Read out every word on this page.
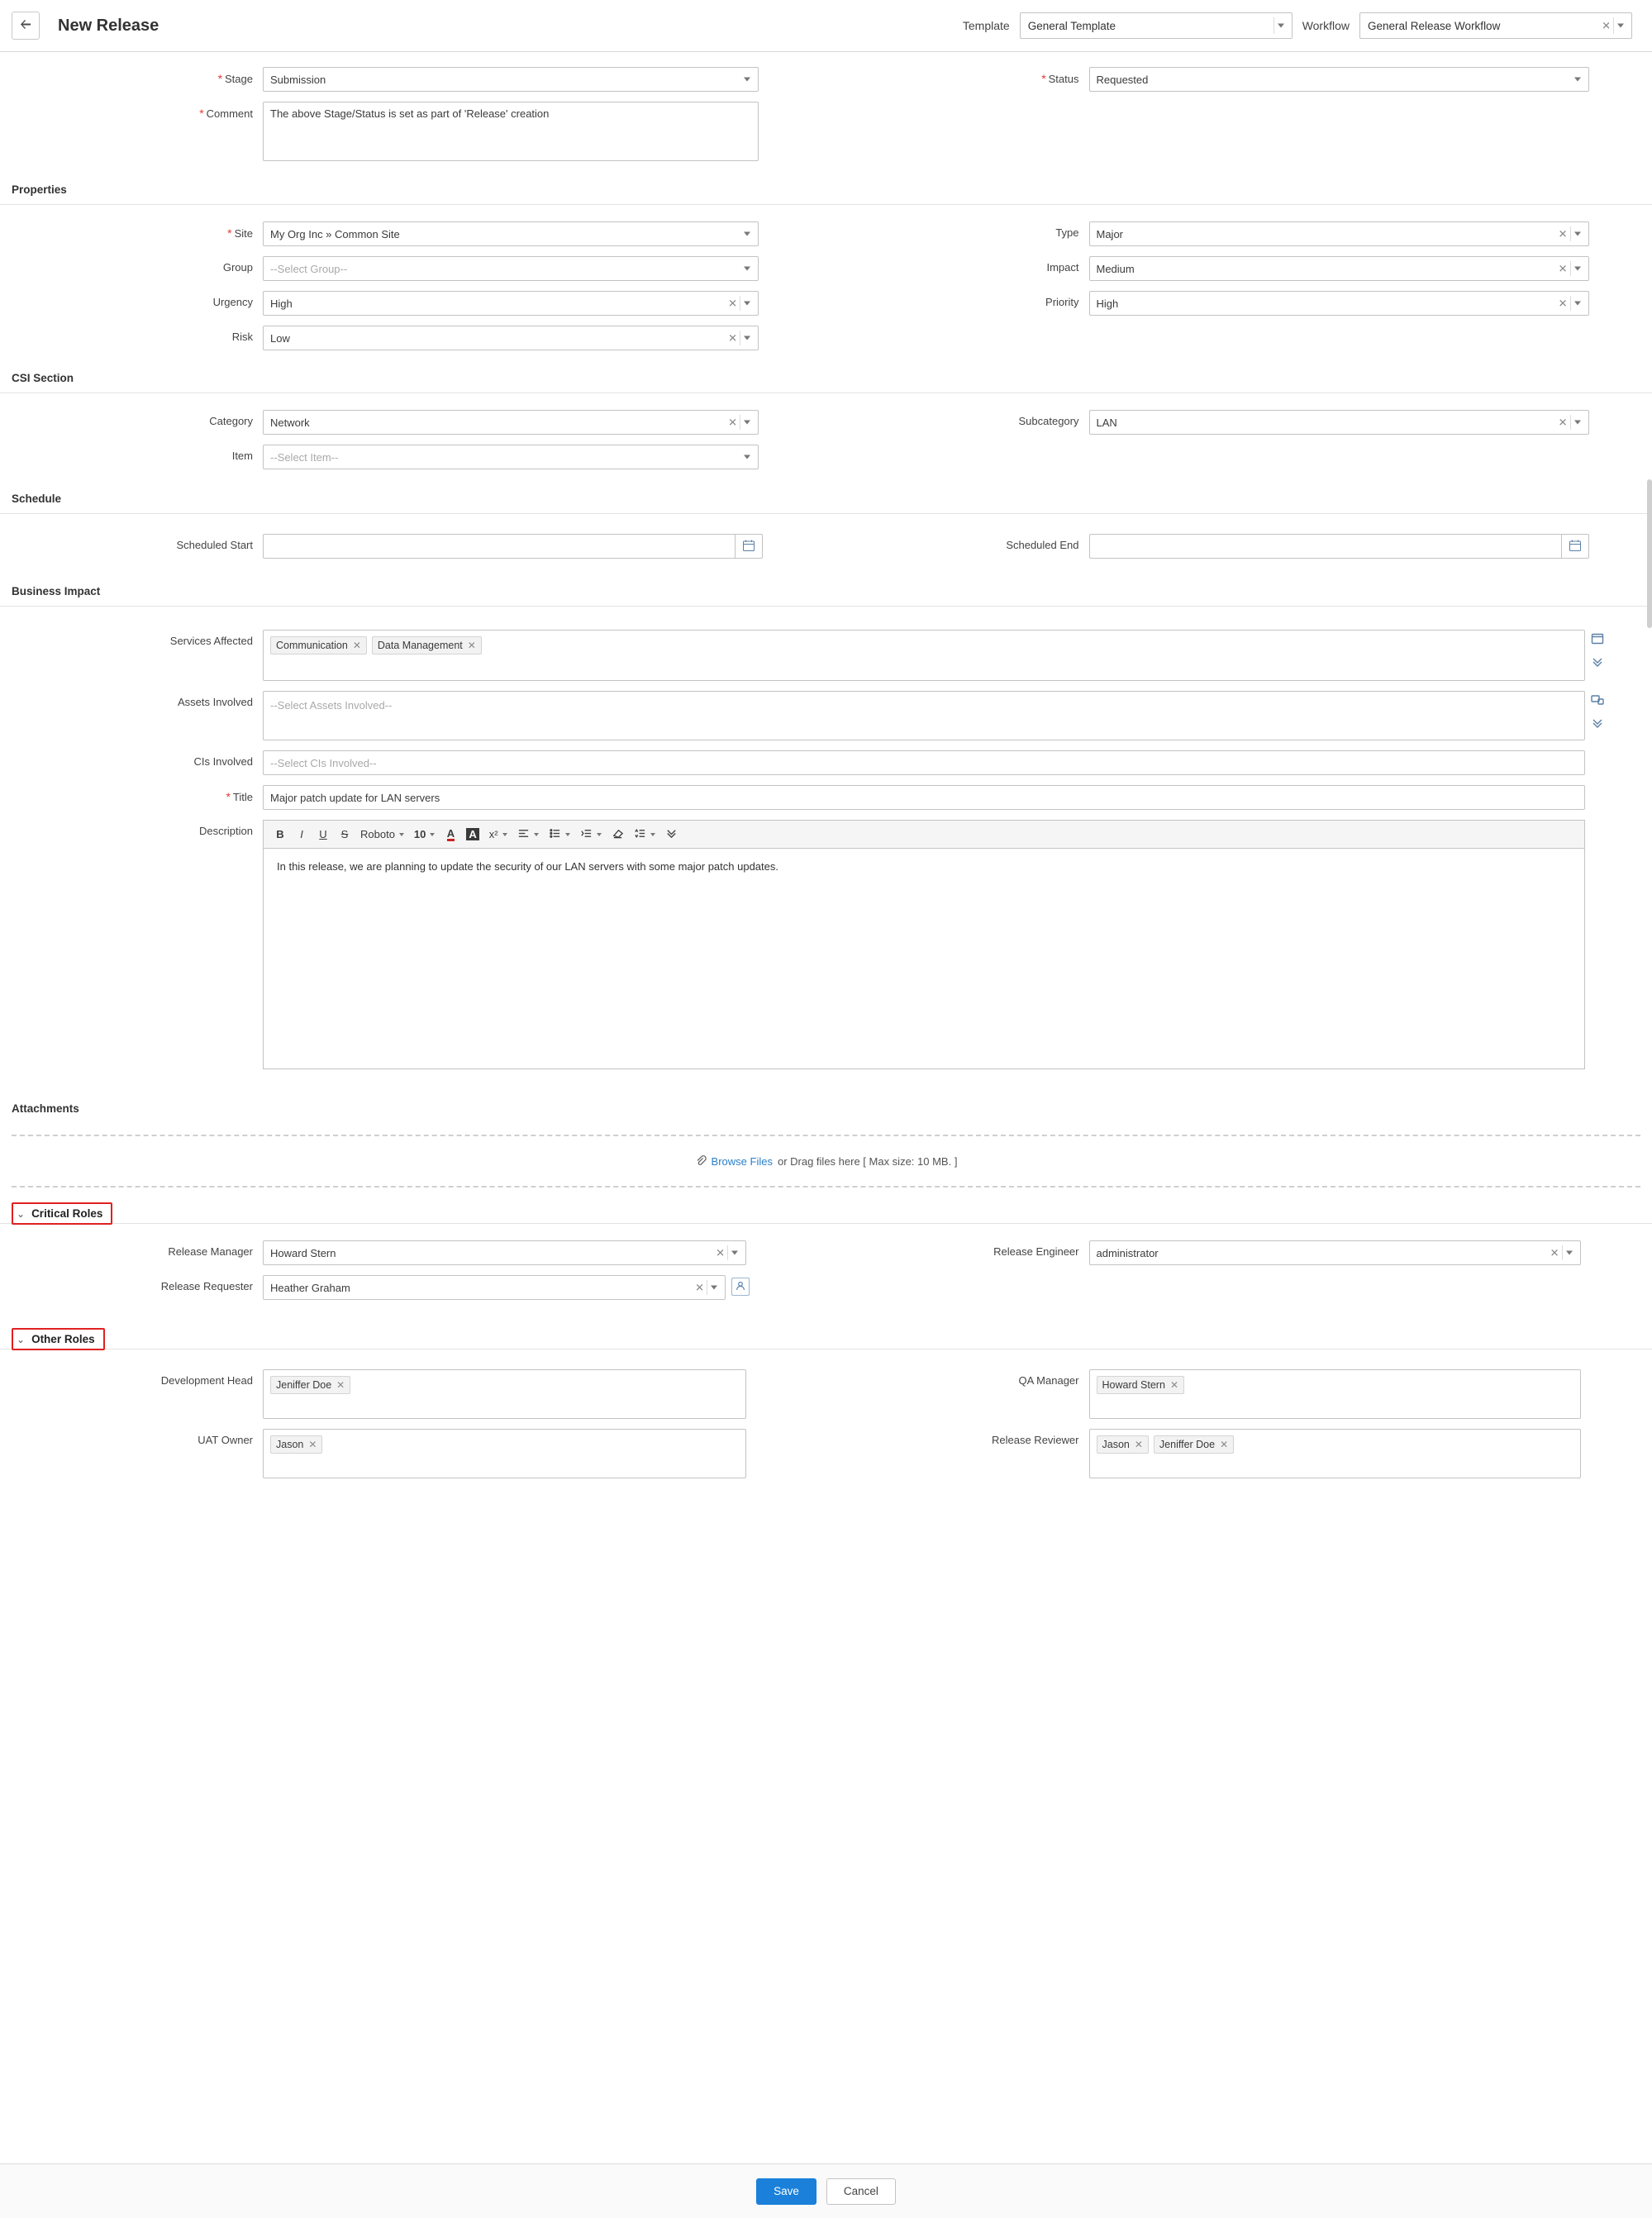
New Release	Template General Template	Workflow General Release Workflow	✕
* Stage	Submission	* Status	Requested
* Comment
The above Stage/Status is set as part of 'Release' creation
Properties
* Site	My Org Inc » Common Site	Type	Major	✕
Group	--Select Group--	Impact	Medium	✕
Urgency	High	✕	Priority	High	✕
Risk	Low	✕
CSI Section
Category	Network	✕	Subcategory	LAN	✕
Item	--Select Item--
Schedule
Scheduled Start	Scheduled End
Business Impact
Services Affected	Communication ✕ Data Management ✕
Assets Involved	--Select Assets Involved--
CIs Involved	--Select CIs Involved--
* Title	Major patch update for LAN servers
Description	B	I	U	S	Roboto 10 A A x²
In this release, we are planning to update the security of our LAN servers with some major patch updates.
Attachments
Browse Files or Drag files here [ Max size: 10 MB. ]
⌄ Critical Roles
Release Manager	Howard Stern	✕	Release Engineer	administrator	✕
Release Requester	Heather Graham	✕
⌄ Other Roles
Development Head	Jeniffer Doe ✕	QA Manager	Howard Stern ✕
UAT Owner	Jason ✕	Release Reviewer	Jason ✕ Jeniffer Doe ✕
Save	Cancel
